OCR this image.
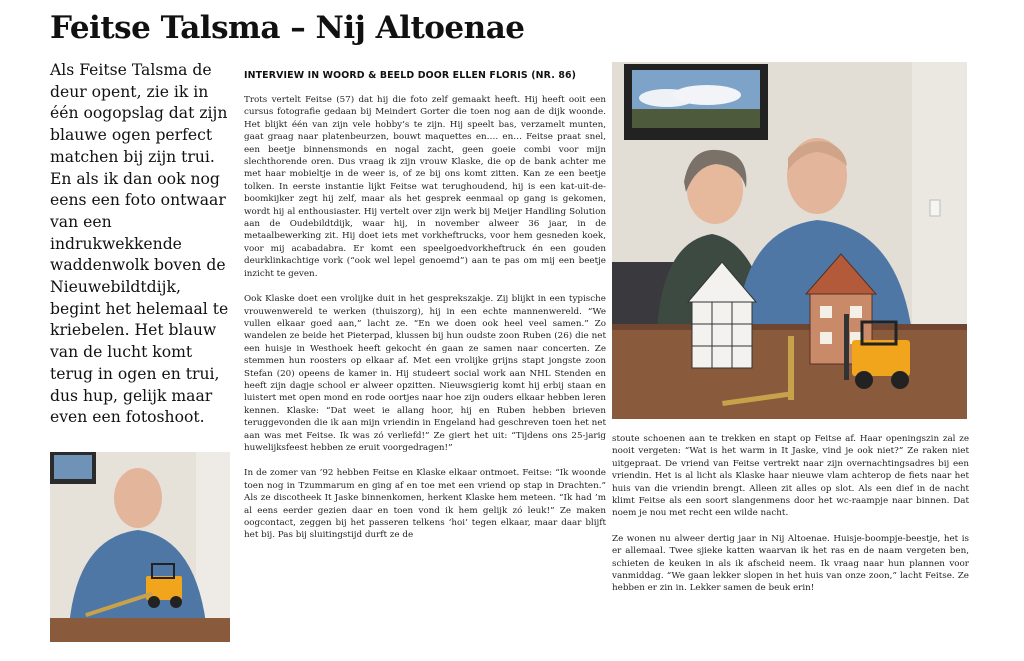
Feitse Talsma – Nij Altoenae

Als Feitse Talsma de deur opent, zie ik in één oogopslag dat zijn blauwe ogen perfect matchen bij zijn trui. En als ik dan ook nog eens een foto ontwaar van een indrukwekkende waddenwolk boven de Nieuwebildtdijk, begint het helemaal te kriebelen. Het blauw van de lucht komt terug in ogen en trui, dus hup, gelijk maar even een fotoshoot.

INTERVIEW IN WOORD & BEELD DOOR ELLEN FLORIS (NR. 86)

Trots vertelt Feitse (57) dat hij die foto zelf gemaakt heeft. Hij heeft ooit een cursus fotografie gedaan bij Meindert Gorter die toen nog aan de dijk woonde. Het blijkt één van zijn vele hobby’s te zijn. Hij speelt bas, verzamelt munten, gaat graag naar platenbeurzen, bouwt maquettes en…. en… Feitse praat snel, een beetje binnensmonds en nogal zacht, geen goeie combi voor mijn slechthorende oren. Dus vraag ik zijn vrouw Klaske, die op de bank achter me met haar mobieltje in de weer is, of ze bij ons komt zitten. Kan ze een beetje tolken. In eerste instantie lijkt Feitse wat terughoudend, hij is een kat-uit-de-boomkijker zegt hij zelf, maar als het gesprek eenmaal op gang is gekomen, wordt hij al enthousiaster. Hij vertelt over zijn werk bij Meijer Handling Solution aan de Oudebildtdijk, waar hij, in november alweer 36 jaar, in de metaalbewerking zit. Hij doet iets met vorkheftrucks, voor hem gesneden koek, voor mij acabadabra. Er komt een speelgoedvorkheftruck én een gouden deurklinkachtige vork (“ook wel lepel genoemd”) aan te pas om mij een beetje inzicht te geven.

Ook Klaske doet een vrolijke duit in het gesprekszakje. Zij blijkt in een typische vrouwenwereld te werken (thuiszorg), hij in een echte mannenwereld. “We vullen elkaar goed aan,” lacht ze. “En we doen ook heel veel samen.” Zo wandelen ze beide het Pieterpad, klussen bij hun oudste zoon Ruben (26) die net een huisje in Westhoek heeft gekocht én gaan ze samen naar concerten. Ze stemmen hun roosters op elkaar af. Met een vrolijke grijns stapt jongste zoon Stefan (20) opeens de kamer in. Hij studeert social work aan NHL Stenden en heeft zijn dagje school er alweer opzitten. Nieuwsgierig komt hij erbij staan en luistert met open mond en rode oortjes naar hoe zijn ouders elkaar hebben leren kennen. Klaske: “Dat weet ie allang hoor, hij en Ruben hebben brieven teruggevonden die ik aan mijn vriendin in Engeland had geschreven toen het net aan was met Feitse. Ik was zó verliefd!” Ze giert het uit: “Tijdens ons 25-jarig huwelijksfeest hebben ze eruit voorgedragen!”

In de zomer van ’92 hebben Feitse en Klaske elkaar ontmoet. Feitse: “Ik woonde toen nog in Tzummarum en ging af en toe met een vriend op stap in Drachten.” Als ze discotheek It Jaske binnenkomen, herkent Klaske hem meteen. “Ik had ’m al eens eerder gezien daar en toen vond ik hem gelijk zó leuk!” Ze maken oogcontact, zeggen bij het passeren telkens ‘hoi’ tegen elkaar, maar daar blijft het bij. Pas bij sluitingstijd durft ze de

stoute schoenen aan te trekken en stapt op Feitse af. Haar openingszin zal ze nooit vergeten: “Wat is het warm in It Jaske, vind je ook niet?” Ze raken niet uitgepraat. De vriend van Feitse vertrekt naar zijn overnachtingsadres bij een vriendin. Het is al licht als Klaske haar nieuwe vlam achterop de fiets naar het huis van die vriendin brengt. Alleen zit alles op slot. Als een dief in de nacht klimt Feitse als een soort slangenmens door het wc-raampje naar binnen. Dat noem je nou met recht een wilde nacht.

Ze wonen nu alweer dertig jaar in Nij Altoenae. Huisje-boompje-beestje, het is er allemaal. Twee sjieke katten waarvan ik het ras en de naam vergeten ben, schieten de keuken in als ik afscheid neem. Ik vraag naar hun plannen voor vanmiddag. “We gaan lekker slopen in het huis van onze zoon,” lacht Feitse. Ze hebben er zin in. Lekker samen de beuk erin!
